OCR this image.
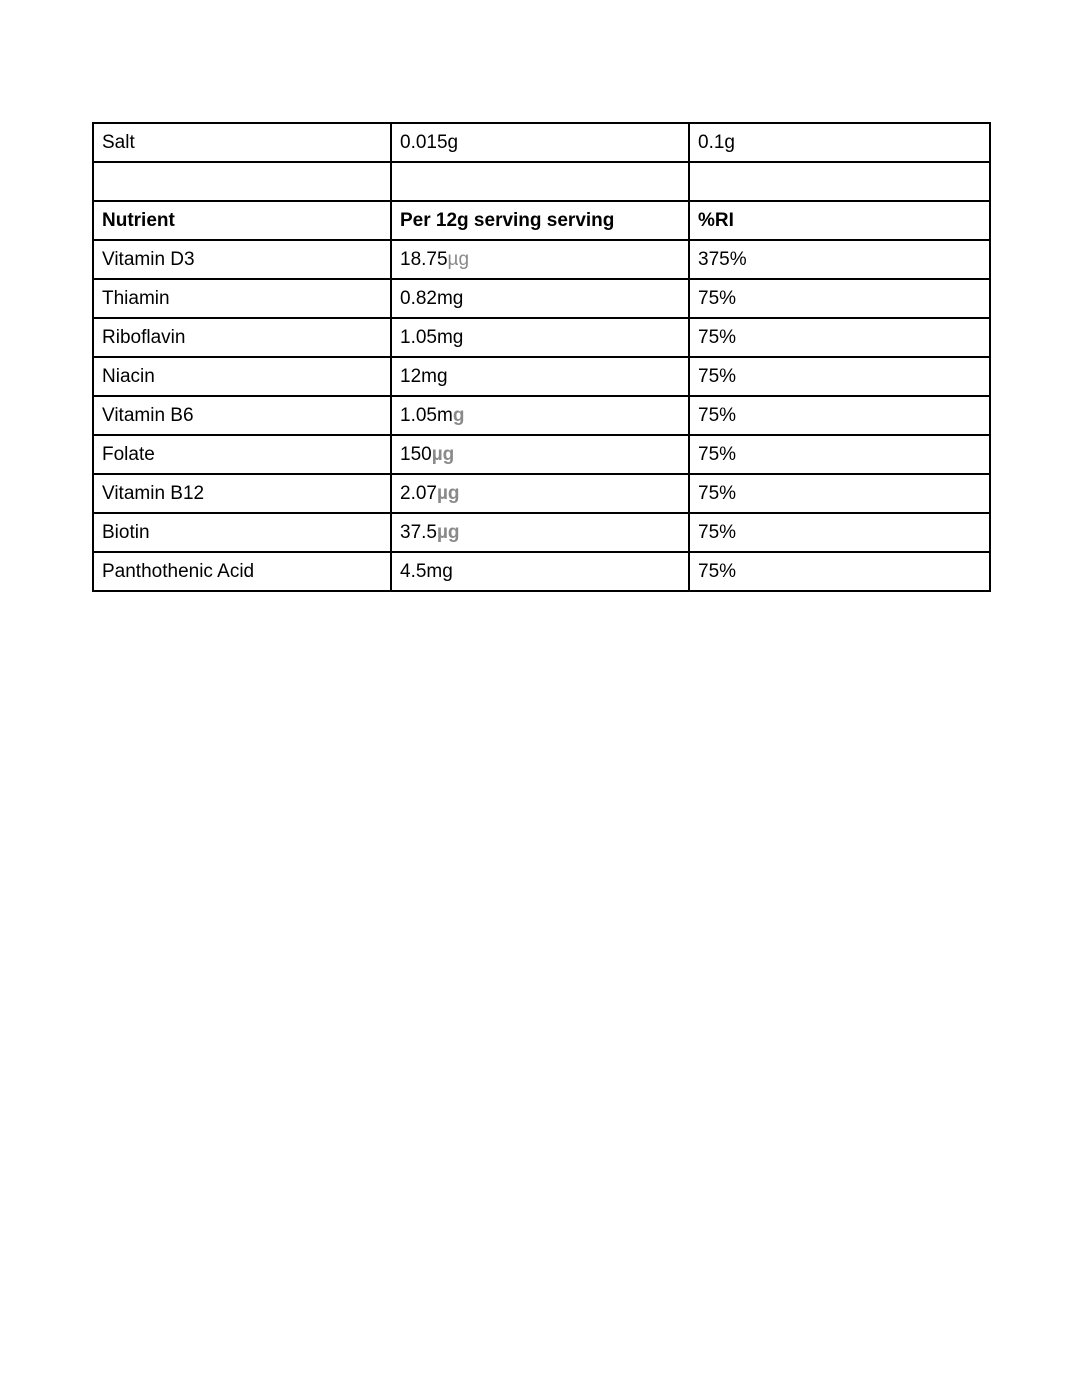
Salt	0.015g	0.1g

Nutrient	Per 12g serving serving	%RI
Vitamin D3	18.75µg	375%
Thiamin	0.82mg	75%
Riboflavin	1.05mg	75%
Niacin	12mg	75%
Vitamin B6	1.05mg	75%
Folate	150µg	75%
Vitamin B12	2.07µg	75%
Biotin	37.5µg	75%
Panthothenic Acid	4.5mg	75%
